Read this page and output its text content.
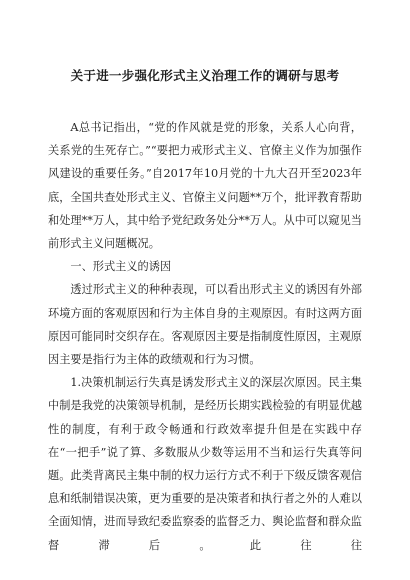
关于进一步强化形式主义治理工作的调研与思考

A总书记指出，“党的作风就是党的形象，关系人心向背，关系党的生死存亡。”“要把力戒形式主义、官僚主义作为加强作风建设的重要任务。”自2017年10月党的十九大召开至2023年底，全国共查处形式主义、官僚主义问题**万个，批评教育帮助和处理**万人，其中给予党纪政务处分**万人。从中可以窥见当前形式主义问题概况。

一、形式主义的诱因

透过形式主义的种种表现，可以看出形式主义的诱因有外部环境方面的客观原因和行为主体自身的主观原因。有时这两方面原因可能同时交织存在。客观原因主要是指制度性原因，主观原因主要是指行为主体的政绩观和行为习惯。

1.决策机制运行失真是诱发形式主义的深层次原因。民主集中制是我党的决策领导机制，是经历长期实践检验的有明显优越性的制度，有利于政令畅通和行政效率提升但是在实践中存在“一把手”说了算、多数服从少数等运用不当和运行失真等问题。此类背离民主集中制的权力运行方式不利于下级反馈客观信息和纸制错误决策，更为重要的是决策者和执行者之外的人难以全面知情，进而导致纪委监察委的监督乏力、舆论监督和群众监督滞后。此往往
